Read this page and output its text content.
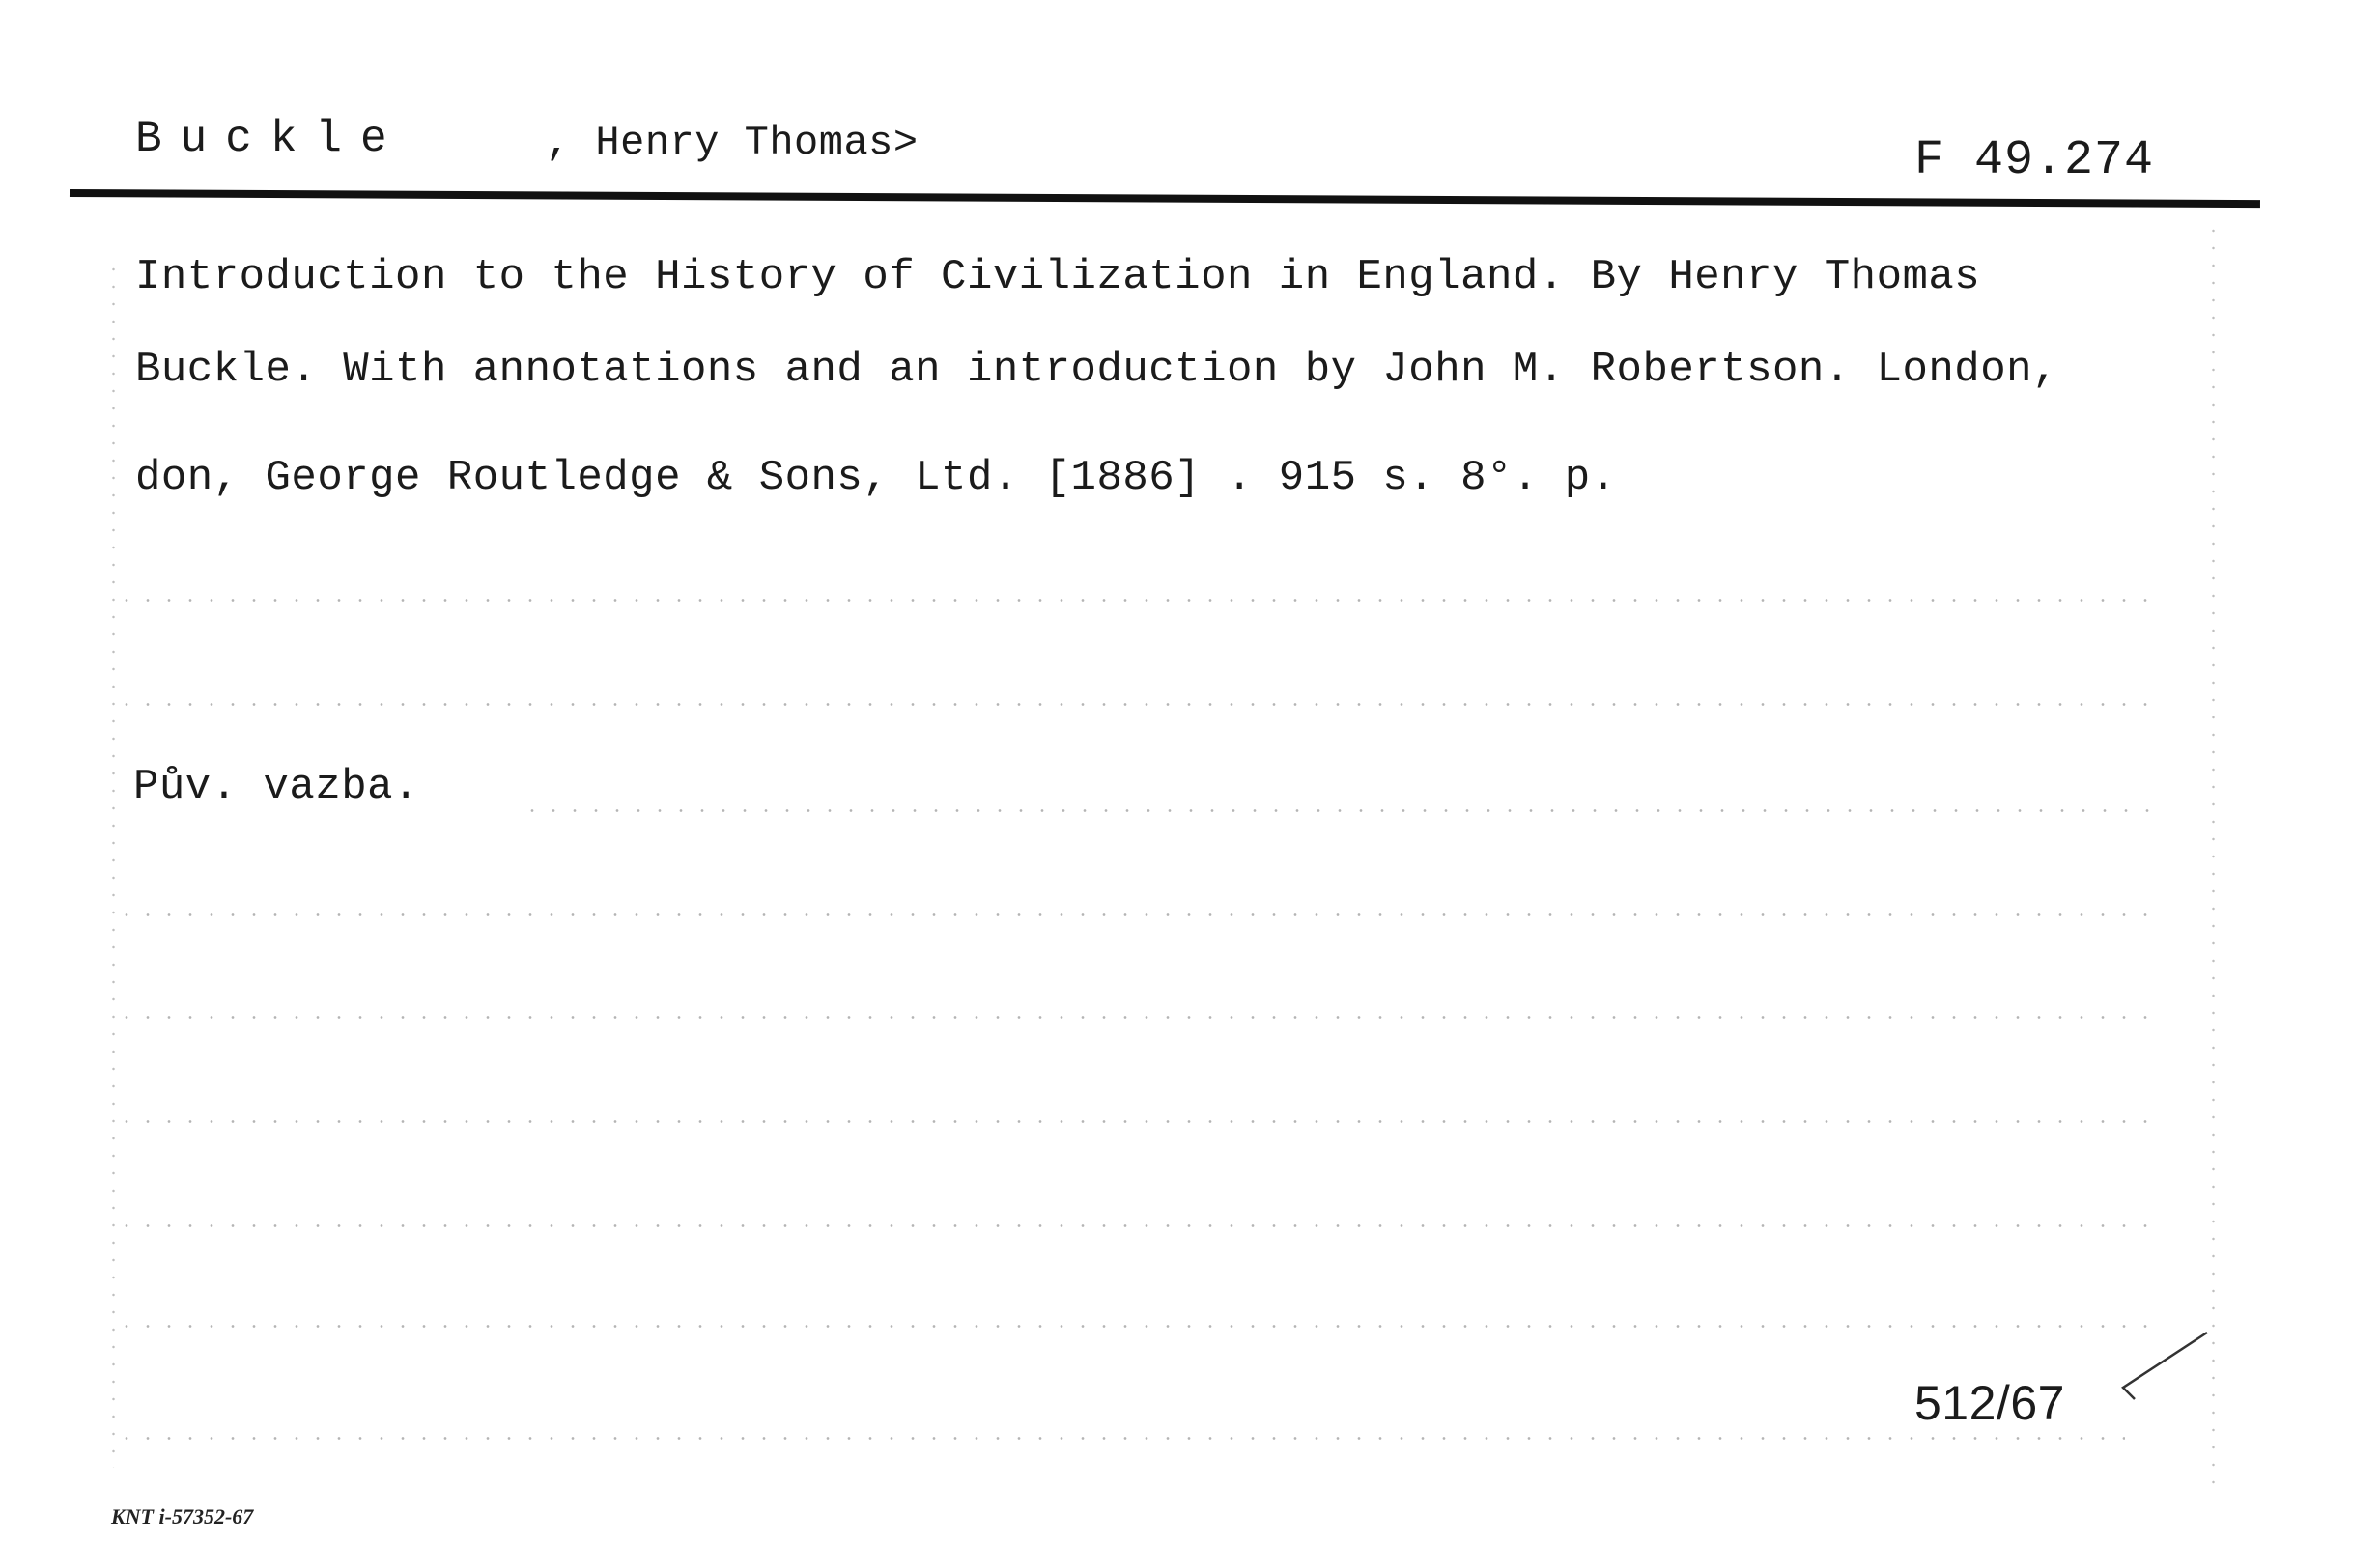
Buckle	, Henry Thomas>	F 49.274
Introduction to the History of Civilization in England. By Henry Thomas
Buckle. With annotations and an introduction by John M. Robertson. London,
don, George Routledge & Sons, Ltd. [1886] . 915 s. 8°. p.
Pův. vazba.
512/67
KNT i-57352-67
